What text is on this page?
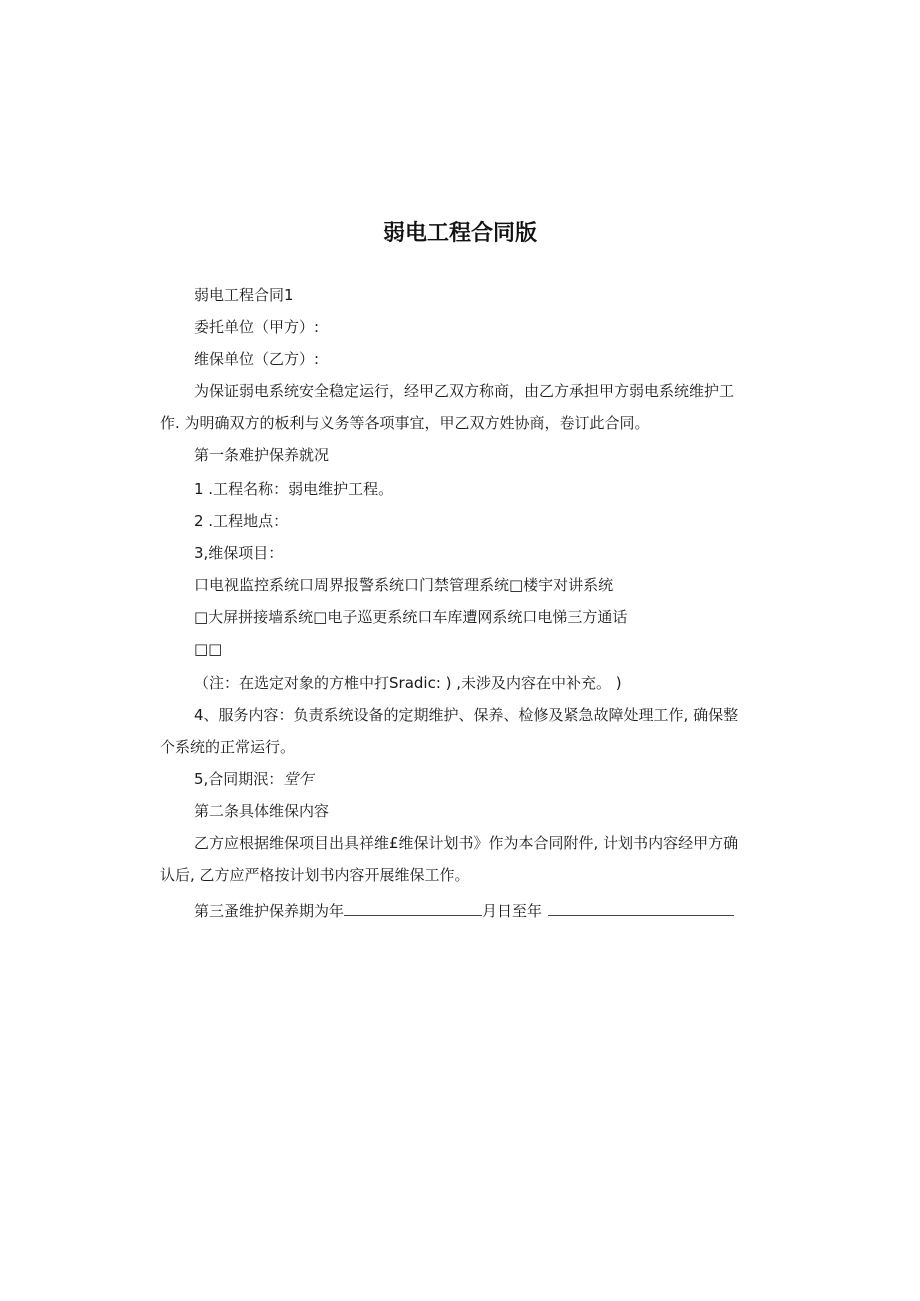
弱电工程合同版
弱电工程合同1
委托单位（甲方）:
维保单位（乙方）:
为保证弱电系统安全稳定运行，经甲乙双方称商，由乙方承担甲方弱电系统维护工
作. 为明确双方的板利与义务等各项事宜，甲乙双方姓协商，卷订此合同。
第一条难护保养就况
1 .工程名称：弱电维护工程。
2 .工程地点：
3,维保项目：
口电视监控系统口周界报警系统口门禁管理系统□楼宇对讲系统
□大屏拼接墙系统□电子巡更系统口车库遭网系统口电悌三方通话
□□
（注：在选定对象的方椎中打Sradic: ) ,未涉及内容在中补充。 )
4、服务内容：负责系统设备的定期维护、保养、检修及紧急故障处理工作, 确保整
个系统的正常运行。
5,合同期泯：堂乍
第二条具体维保内容
乙方应根据维保项目出具祥维£维保计划书》作为本合同附件, 计划书内容经甲方确
认后, 乙方应严格按计划书内容开展维保工作。
第三蚤维护保养期为年	月日至年
